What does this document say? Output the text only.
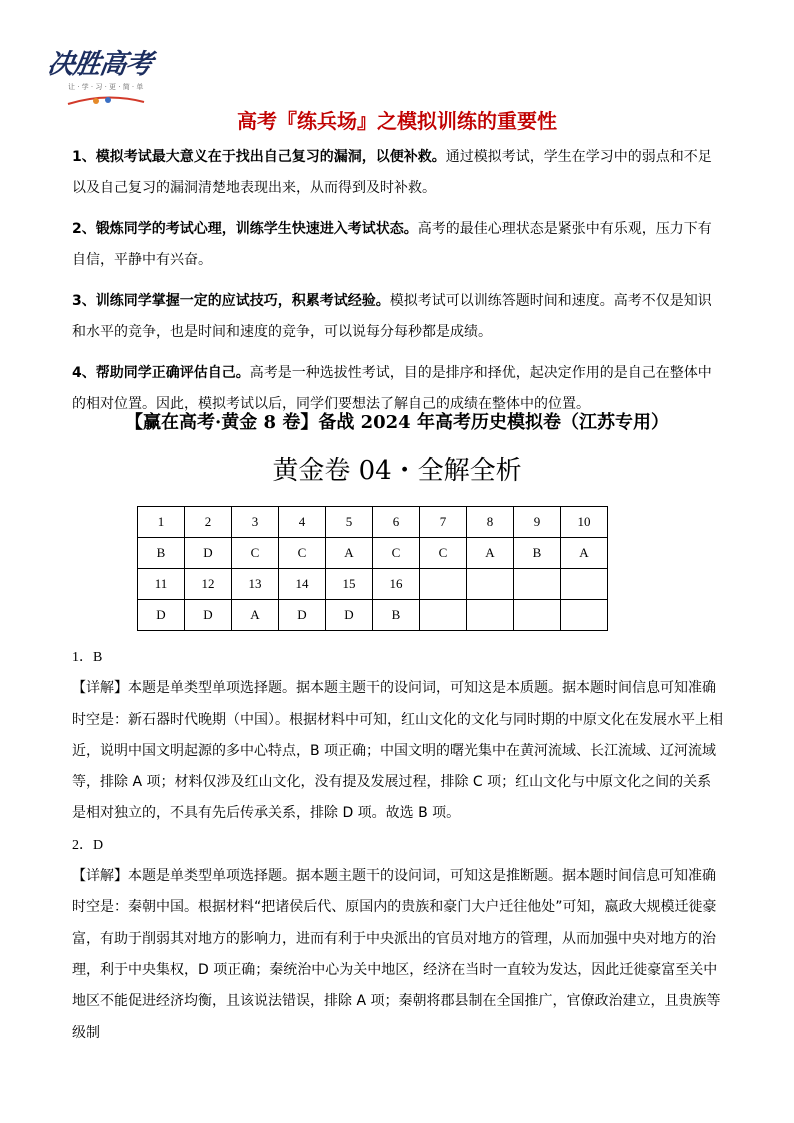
决胜高考
让 · 学 · 习 · 更 · 简 · 单
高考『练兵场』之模拟训练的重要性

1、模拟考试最大意义在于找出自己复习的漏洞，以便补救。通过模拟考试，学生在学习中的弱点和不足以及自己复习的漏洞清楚地表现出来，从而得到及时补救。

2、锻炼同学的考试心理，训练学生快速进入考试状态。高考的最佳心理状态是紧张中有乐观，压力下有自信，平静中有兴奋。

3、训练同学掌握一定的应试技巧，积累考试经验。模拟考试可以训练答题时间和速度。高考不仅是知识和水平的竞争，也是时间和速度的竞争，可以说每分每秒都是成绩。

4、帮助同学正确评估自己。高考是一种选拔性考试，目的是排序和择优，起决定作用的是自己在整体中的相对位置。因此，模拟考试以后，同学们要想法了解自己的成绩在整体中的位置。

【赢在高考·黄金 8 卷】备战 2024 年高考历史模拟卷（江苏专用）
黄金卷 04・全解全析
1	2	3	4	5	6	7	8	9	10
B	D	C	C	A	C	C	A	B	A
11	12	13	14	15	16				
D	D	A	D	D	B				

1．B

【详解】本题是单类型单项选择题。据本题主题干的设问词，可知这是本质题。据本题时间信息可知准确时空是：新石器时代晚期（中国）。根据材料中可知，红山文化的文化与同时期的中原文化在发展水平上相近，说明中国文明起源的多中心特点，B 项正确；中国文明的曙光集中在黄河流域、长江流域、辽河流域等，排除 A 项；材料仅涉及红山文化，没有提及发展过程，排除 C 项；红山文化与中原文化之间的关系是相对独立的，不具有先后传承关系，排除 D 项。故选 B 项。

2．D

【详解】本题是单类型单项选择题。据本题主题干的设问词，可知这是推断题。据本题时间信息可知准确时空是：秦朝中国。根据材料“把诸侯后代、原国内的贵族和豪门大户迁往他处”可知，嬴政大规模迁徙豪富，有助于削弱其对地方的影响力，进而有利于中央派出的官员对地方的管理，从而加强中央对地方的治理，利于中央集权，D 项正确；秦统治中心为关中地区，经济在当时一直较为发达，因此迁徙豪富至关中地区不能促进经济均衡，且该说法错误，排除 A 项；秦朝将郡县制在全国推广，官僚政治建立，且贵族等级制
